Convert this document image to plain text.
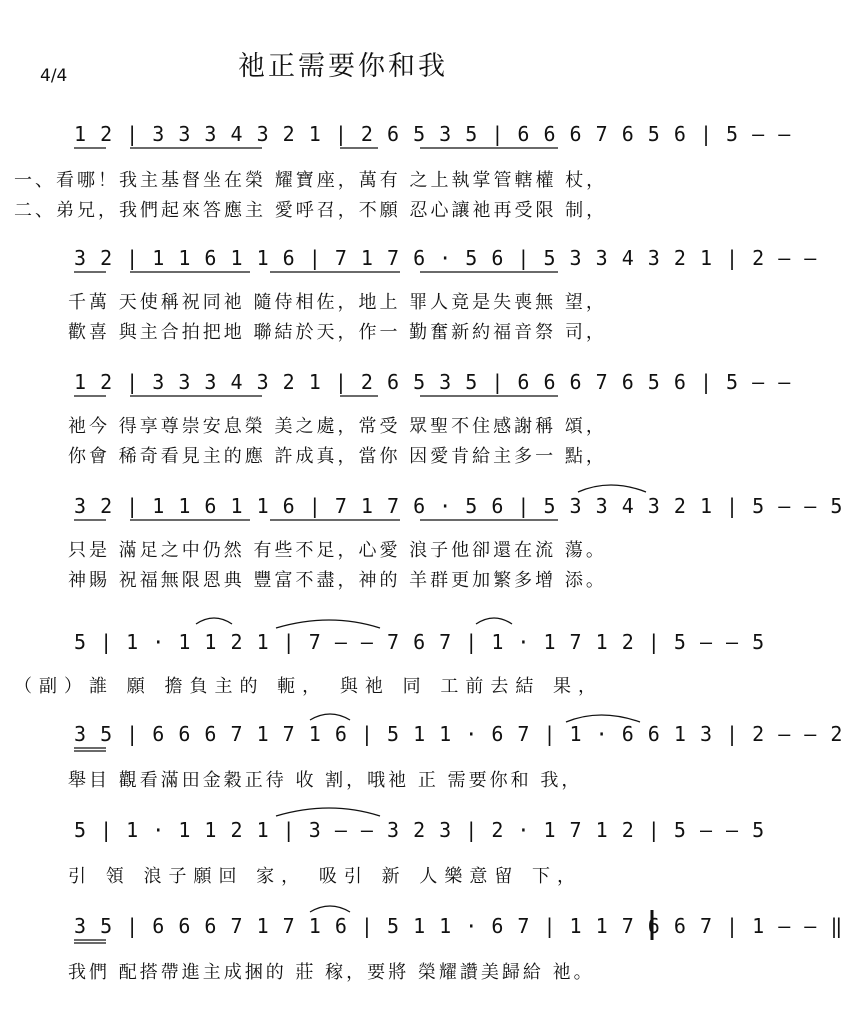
祂正需要你和我
4/4
1 2 | 3 3 3 4 3 2 1 | 2 6 5 3 5 | 6 6 6 7 6 5 6 | 5 — —
一、看哪！我主基督坐在榮 耀寶座，萬有 之上執掌管轄權 杖，
二、弟兄，我們起來答應主 愛呼召，不願 忍心讓祂再受限 制，
3 2 | 1 1 6 1 1 6 | 7 1 7 6 · 5 6 | 5 3 3 4 3 2 1 | 2 — —
千萬 天使稱祝同祂 隨侍相佐，地上 罪人竟是失喪無 望，
歡喜 與主合拍把地 聯結於天，作一 勤奮新約福音祭 司，
1 2 | 3 3 3 4 3 2 1 | 2 6 5 3 5 | 6 6 6 7 6 5 6 | 5 — —
祂今 得享尊崇安息榮 美之處，常受 眾聖不住感謝稱 頌，
你會 稀奇看見主的應 許成真，當你 因愛肯給主多一 點，
3 2 | 1 1 6 1 1 6 | 7 1 7 6 · 5 6 | 5 3 3 4 3 2 1 | 5 — — 5
只是 滿足之中仍然 有些不足，心愛 浪子他卻還在流 蕩。
神賜 祝福無限恩典 豐富不盡，神的 羊群更加繁多增 添。
5 | 1 · 1 1 2 1 | 7 — — 7 6 7 | 1 · 1 7 1 2 | 5 — — 5
（副）誰 願 擔負主的 軛， 與祂 同 工前去結 果，
3 5 | 6 6 6 7 1 7 1 6 | 5 1 1 · 6 7 | 1 · 6 6 1 3 | 2 — — 2
舉目 觀看滿田金穀正待 收 割，哦祂 正 需要你和 我，
5 | 1 · 1 1 2 1 | 3 — — 3 2 3 | 2 · 1 7 1 2 | 5 — — 5
引 領 浪子願回 家， 吸引 新 人樂意留 下，
3 5 | 6 6 6 7 1 7 1 6 | 5 1 1 · 6 7 | 1 1 7 6 6 7 | 1 — — ‖
我們 配搭帶進主成捆的 莊 稼，要將 榮耀讚美歸給 祂。
